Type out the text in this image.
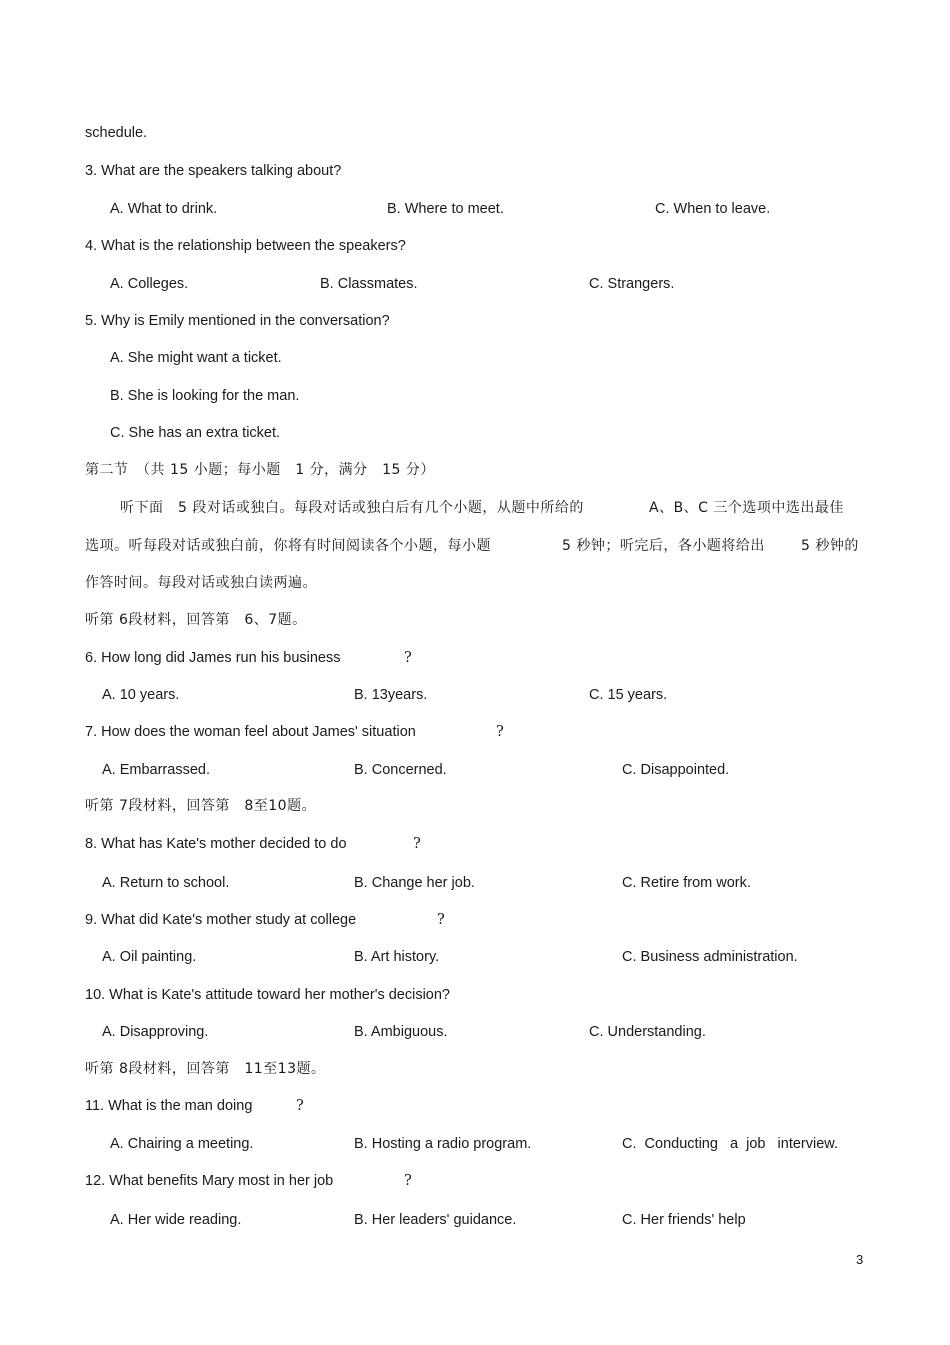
schedule.
3. What are the speakers talking about?
A. What to drink.	B. Where to meet.	C. When to leave.
4. What is the relationship between the speakers?
A. Colleges.	B. Classmates.	C. Strangers.
5. Why is Emily mentioned in the conversation?
A. She might want a ticket.
B. She is looking for the man.
C. She has an extra ticket.
第二节　（共 15 小题；每小题　1 分，满分　15 分）
听下面　5 段对话或独白。每段对话或独白后有几个小题，从题中所给的	A、B、C 三个选项中选出最佳
选项。听每段对话或独白前，你将有时间阅读各个小题，每小题	5 秒钟；听完后，各小题将给出	5 秒钟的
作答时间。每段对话或独白读两遍。
听第 6段材料，回答第　6、7题。
6. How long did James run his business	?
A. 10 years.	B. 13years.	C. 15 years.
7. How does the woman feel about James' situation	?
A. Embarrassed.	B. Concerned.	C. Disappointed.
听第 7段材料，回答第　8至10题。
8. What has Kate's mother decided to do	?
A. Return to school.	B. Change her job.	C. Retire from work.
9. What did Kate's mother study at college	?
A. Oil painting.	B. Art history.	C. Business administration.
10. What is Kate's attitude toward her mother's decision?
A. Disapproving.	B. Ambiguous.	C. Understanding.
听第 8段材料，回答第　11至13题。
11. What is the man doing	?
A. Chairing a meeting.	B. Hosting a radio program.	C.  Conducting   a  job   interview.
12. What benefits Mary most in her job	?
A. Her wide reading.	B. Her leaders' guidance.	C. Her friends' help
3
